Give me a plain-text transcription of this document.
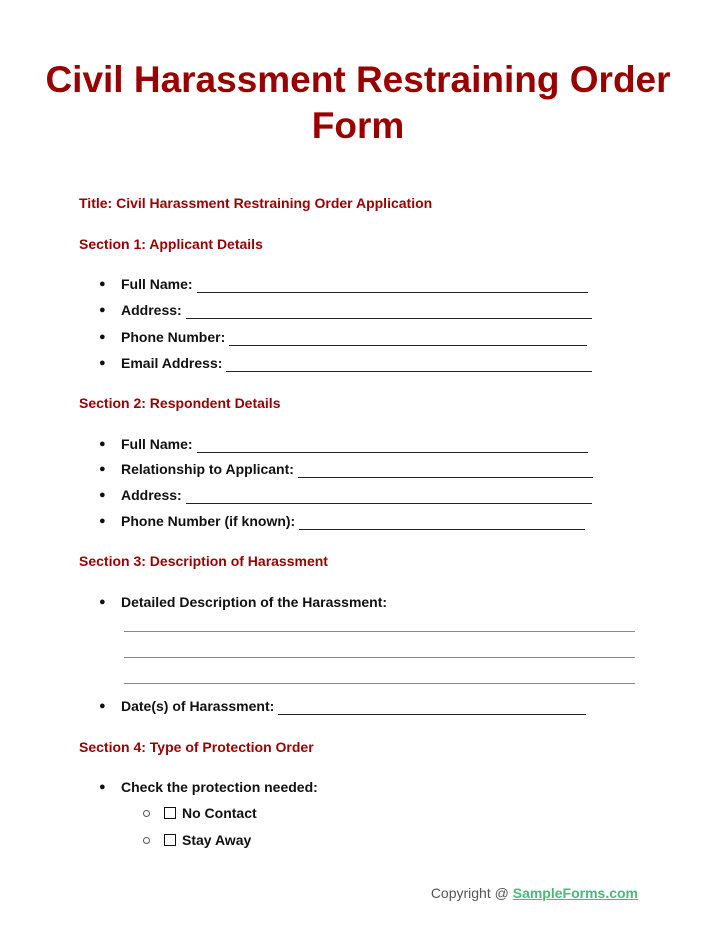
Civil Harassment Restraining Order Form
Title: Civil Harassment Restraining Order Application
Section 1: Applicant Details
●	Full Name:
●	Address:
●	Phone Number:
●	Email Address:
Section 2: Respondent Details
●	Full Name:
●	Relationship to Applicant:
●	Address:
●	Phone Number (if known):
Section 3: Description of Harassment
●	Detailed Description of the Harassment:
●	Date(s) of Harassment:
Section 4: Type of Protection Order
●	Check the protection needed:
No Contact
Stay Away
Copyright @ SampleForms.com
